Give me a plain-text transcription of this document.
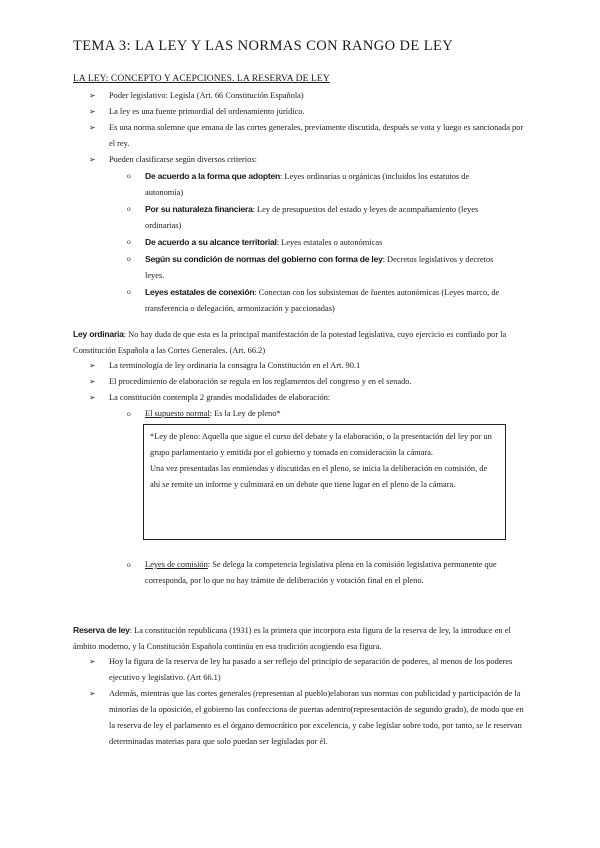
TEMA 3: LA LEY Y LAS NORMAS CON RANGO DE LEY
LA LEY: CONCEPTO Y ACEPCIONES. LA RESERVA DE LEY
➢	Poder legislativo: Legisla (Art. 66 Constitución Española)
➢	La ley es una fuente primordial del ordenamiento jurídico.
➢	Es una norma solemne que emana de las cortes generales, previamente discutida, después se vota y luego es sancionada por el rey.
➢	Pueden clasificarse según diversos criterios:
o De acuerdo a la forma que adopten: Leyes ordinarias u orgánicas (incluidos los estatutos de autonomía)
o Por su naturaleza financiera: Ley de presupuestos del estado y leyes de acompañamiento (leyes ordinarias)
o De acuerdo a su alcance territorial: Leyes estatales o autonómicas
o Según su condición de normas del gobierno con forma de ley: Decretos legislativos y decretos leyes.
o Leyes estatales de conexión: Conectan con los subsistemas de fuentes autonómicas (Leyes marco, de transferencia o delegación, armonización y paccionadas)
Ley ordinaria: No hay duda de que esta es la principal manifestación de la potestad legislativa, cuyo ejercicio es confiado por la Constitución Española a las Cortes Generales. (Art. 66.2)
➢	La terminología de ley ordinaria la consagra la Constitución en el Art. 90.1
➢	El procedimiento de elaboración se regula en los reglamentos del congreso y en el senado.
➢	La constitución contempla 2 grandes modalidades de elaboración:
o El supuesto normal: Es la Ley de pleno*

*Ley de pleno: Aquella que sigue el curso del debate y la elaboración, o la presentación del ley por un grupo parlamentario y emitida por el gobierno y tomada en consideración la cámara.

Una vez presentadas las enmiendas y discutidas en el pleno, se inicia la deliberación en comisión, de ahí se remite un informe y culminará en un debate que tiene lugar en el pleno de la cámara.

o Leyes de comisión: Se delega la competencia legislativa plena en la comisión legislativa permanente que corresponda, por lo que no hay trámite de deliberación y votación final en el pleno.
Reserva de ley: La constitución republicana (1931) es la primera que incorpora esta figura de la reserva de ley, la introduce en el ámbito moderno, y la Constitución Española continúa en esa tradición acogiendo esa figura.
➢	Hoy la figura de la reserva de ley ha pasado a ser reflejo del principio de separación de poderes, al menos de los poderes ejecutivo y legislativo. (Art 66.1)
➢	Además, mientras que las cortes generales (representan al pueblo)elaboran sus normas con publicidad y participación de la minorías de la oposición, el gobierno las confecciona de puertas adentro(representación de segundo grado), de modo que en la reserva de ley el parlamento es el órgano democrático por excelencia, y cabe legislar sobre todo, por tanto, se le reservan determinadas materias para que solo puedan ser legisladas por él.
